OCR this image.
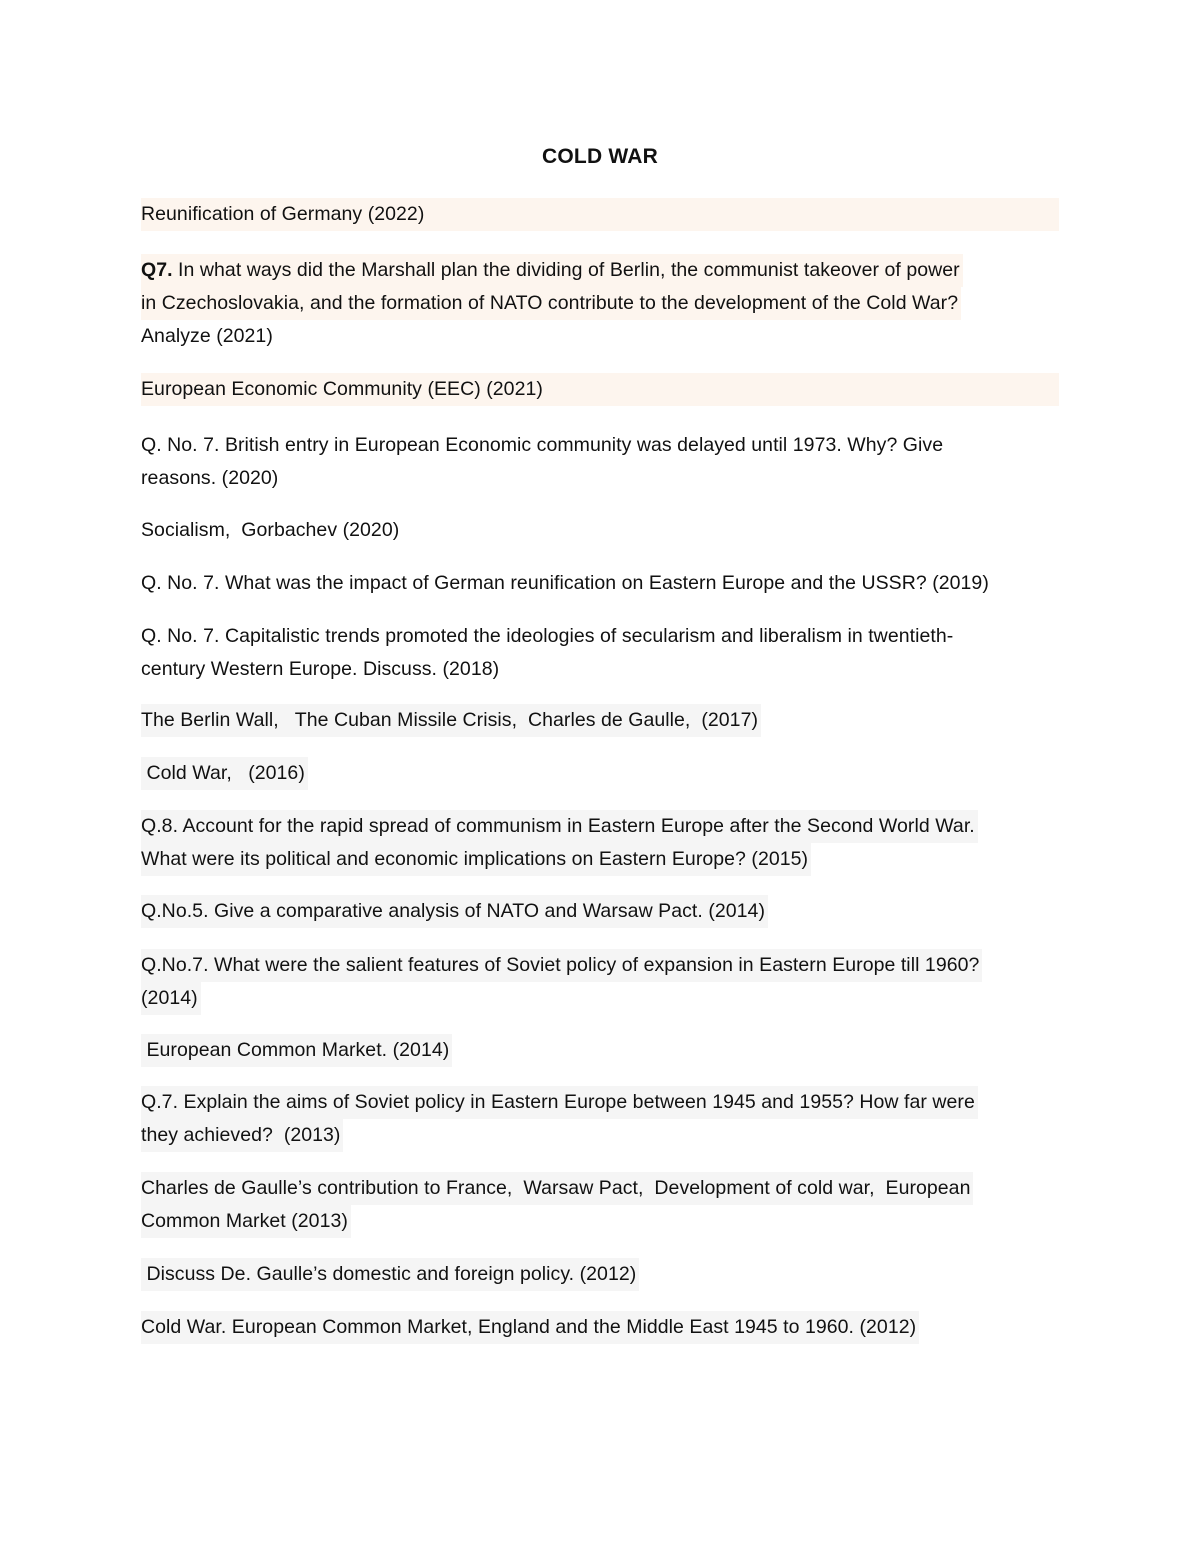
COLD WAR
Reunification of Germany (2022)
Q7. In what ways did the Marshall plan the dividing of Berlin, the communist takeover of power
in Czechoslovakia, and the formation of NATO contribute to the development of the Cold War?
Analyze (2021)
European Economic Community (EEC) (2021)
Q. No. 7. British entry in European Economic community was delayed until 1973. Why? Give
reasons. (2020)
Socialism,  Gorbachev (2020)
Q. No. 7. What was the impact of German reunification on Eastern Europe and the USSR? (2019)
Q. No. 7. Capitalistic trends promoted the ideologies of secularism and liberalism in twentieth-
century Western Europe. Discuss. (2018)
The Berlin Wall,   The Cuban Missile Crisis,  Charles de Gaulle,  (2017)
Cold War,   (2016)
Q.8. Account for the rapid spread of communism in Eastern Europe after the Second World War.
What were its political and economic implications on Eastern Europe? (2015)
Q.No.5. Give a comparative analysis of NATO and Warsaw Pact. (2014)
Q.No.7. What were the salient features of Soviet policy of expansion in Eastern Europe till 1960?
(2014)
European Common Market. (2014)
Q.7. Explain the aims of Soviet policy in Eastern Europe between 1945 and 1955? How far were
they achieved?  (2013)
Charles de Gaulle’s contribution to France,  Warsaw Pact,  Development of cold war,  European
Common Market (2013)
Discuss De. Gaulle’s domestic and foreign policy. (2012)
Cold War. European Common Market, England and the Middle East 1945 to 1960. (2012)
